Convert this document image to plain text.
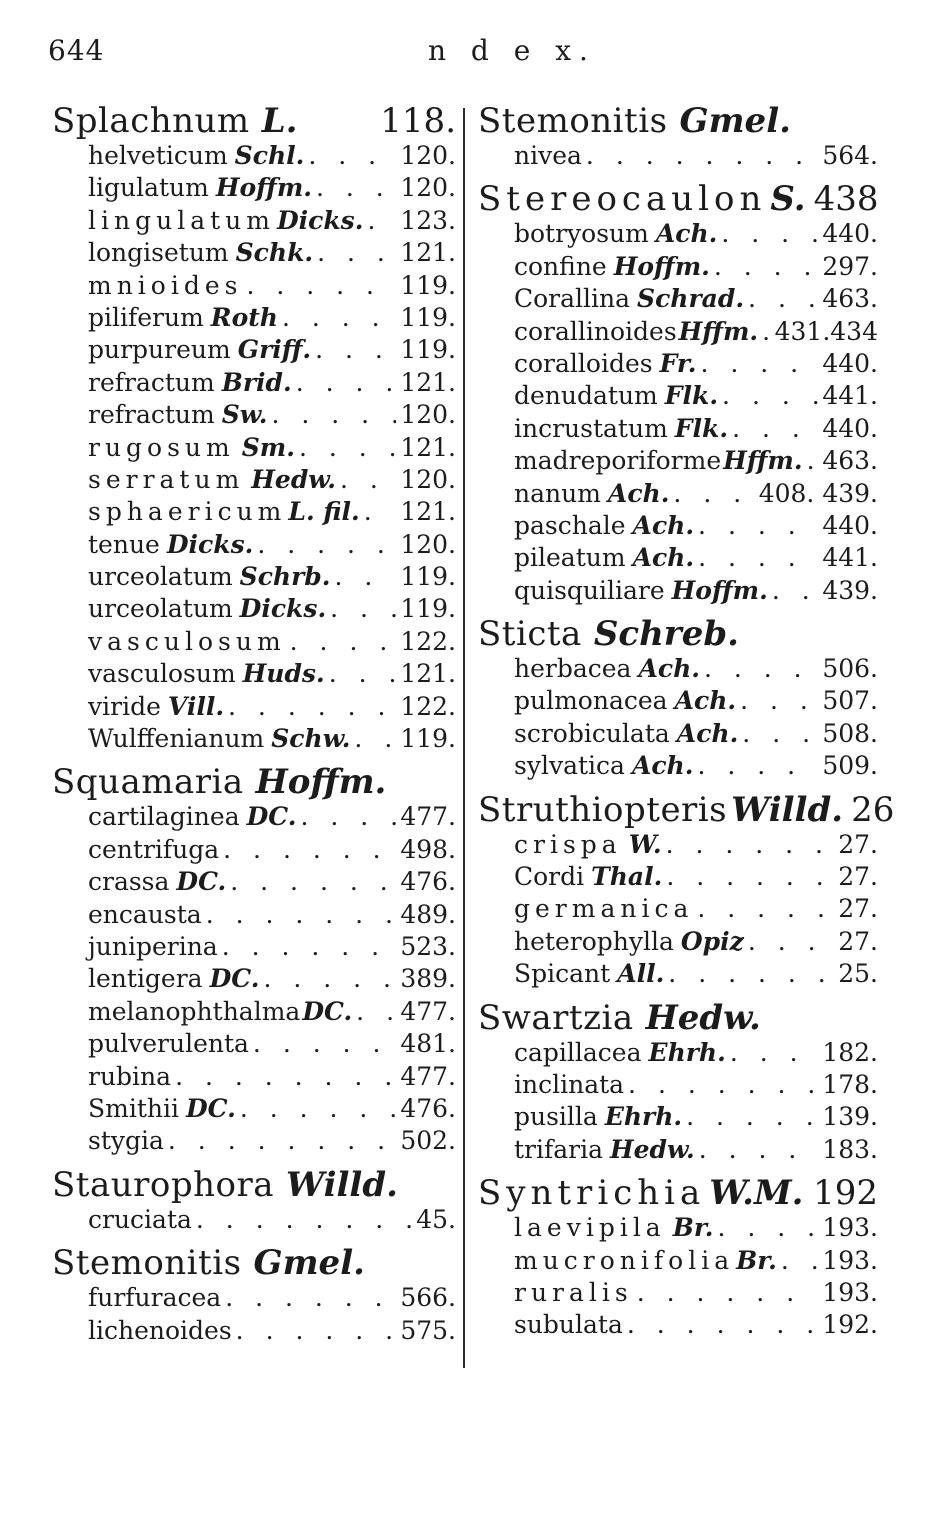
644	n d e x.
Splachnum L. 118.
helveticum Schl. . . .	120.
ligulatum Hoffm. . . .	120.
lingulatum Dicks. . . . 123.
longisetum Schk. . . .	121.
mnioides . . .	119.
piliferum Roth . . .	119.
purpureum Griff. . . .	119.
refractum Brid. . . .	121.
refractum Sw. . . .	120.
rugosum Sm. . . .	121.
serratum Hedw. . . .	120.
sphaericum L. fil. . . . 121.
tenue Dicks. . . .	120.
urceolatum Schrb. . . .	119.
urceolatum Dicks. . . .	119.
vasculosum . . .	122.
vasculosum Huds. . . .	121.
viride Vill. . . .	122.
Wulffenianum Schw. . . . 119.
Squamaria Hoffm.
cartilaginea DC. . . .	477.
centrifuga . . .	498.
crassa DC. . . .	476.
encausta . . .	489.
juniperina . . .	523.
lentigera DC. . . .	389.
melanophthalma DC. . . . 477.
pulverulenta . . .	481.
rubina . . .	477.
Smithii DC. . . .	476.
stygia . . .	502.
Staurophora Willd.
cruciata . . .	45.
Stemonitis Gmel.
furfuracea . . .	566.
lichenoides . . .	575.
Stemonitis Gmel.
nivea . . .	564.
Stereocaulon S. 438
botryosum Ach. . . .	440.
confine Hoffm. . . .	297.
Corallina Schrad. . . .	463.
corallinoides Hffm. . . . 431.434
coralloides Fr. . . .	440.
denudatum Flk. . . .	441.
incrustatum Flk. . . .	440.
madreporiforme Hffm. . . . 463.
nanum Ach. . . .	408. 439.
paschale Ach. . . .	440.
pileatum Ach. . . .	441.
quisquiliare Hoffm. . . . 439.
Sticta Schreb.
herbacea Ach. . . .	506.
pulmonacea Ach. . . .	507.
scrobiculata Ach. . . .	508.
sylvatica Ach. . . .	509.
Struthiopteris Willd. 26
crispa W. . . .	27.
Cordi Thal. . . .	27.
germanica . . .	27.
heterophylla Opiz . . .	27.
Spicant All. . . .	25.
Swartzia Hedw.
capillacea Ehrh. . . .	182.
inclinata . . .	178.
pusilla Ehrh. . . .	139.
trifaria Hedw. . . .	183.
Syntrichia W.M. 192
laevipila Br. . . .	193.
mucronifolia Br. . . . 193.
ruralis . . .	193.
subulata . . .	192.
